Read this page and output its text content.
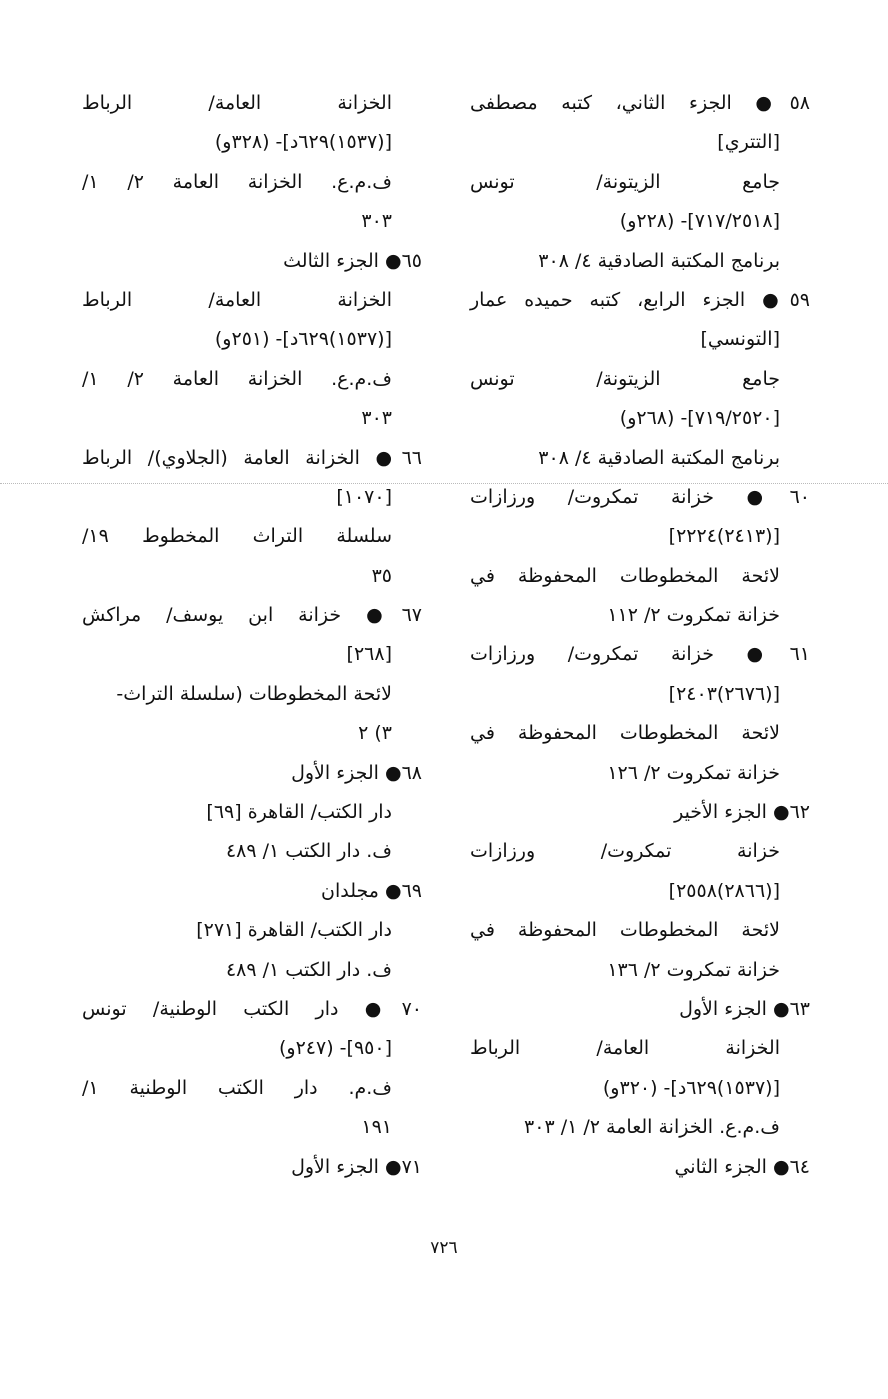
٥٨● الجزء الثاني، كتبه مصطفى
[التتري]
جامع الزيتونة/ تونس
[٧١٧/٢٥١٨]- (٢٢٨و)
برنامج المكتبة الصادقية ٤/ ٣٠٨
٥٩● الجزء الرابع، كتبه حميده عمار
[التونسي]
جامع الزيتونة/ تونس
[٧١٩/٢٥٢٠]- (٢٦٨و)
برنامج المكتبة الصادقية ٤/ ٣٠٨
٦٠● خزانة تمكروت/ ورزازات
[(٢٤١٣)٢٢٢٤]
لائحة المخطوطات المحفوظة في
خزانة تمكروت ٢/ ١١٢
٦١● خزانة تمكروت/ ورزازات
[(٢٦٧٦)٢٤٠٣]
لائحة المخطوطات المحفوظة في
خزانة تمكروت ٢/ ١٢٦
٦٢● الجزء الأخير
خزانة تمكروت/ ورزازات
[(٢٨٦٦)٢٥٥٨]
لائحة المخطوطات المحفوظة في
خزانة تمكروت ٢/ ١٣٦
٦٣● الجزء الأول
الخزانة العامة/ الرباط
[(١٥٣٧)٦٢٩د]- (٣٢٠و)
ف.م.ع. الخزانة العامة ٢/ ١/ ٣٠٣
٦٤● الجزء الثاني
الخزانة العامة/ الرباط
[(١٥٣٧)٦٢٩د]- (٣٢٨و)
ف.م.ع. الخزانة العامة ٢/ ١/
٣٠٣
٦٥● الجزء الثالث
الخزانة العامة/ الرباط
[(١٥٣٧)٦٢٩د]- (٢٥١و)
ف.م.ع. الخزانة العامة ٢/ ١/
٣٠٣
٦٦● الخزانة العامة (الجلاوي)/ الرباط
[١٠٧٠]
سلسلة التراث المخطوط ١٩/
٣٥
٦٧● خزانة ابن يوسف/ مراكش
[٢٦٨]
لائحة المخطوطات (سلسلة التراث-
٣) ٢
٦٨● الجزء الأول
دار الكتب/ القاهرة [٦٩]
ف. دار الكتب ١/ ٤٨٩
٦٩● مجلدان
دار الكتب/ القاهرة [٢٧١]
ف. دار الكتب ١/ ٤٨٩
٧٠● دار الكتب الوطنية/ تونس
[٩٥٠]- (٢٤٧و)
ف.م. دار الكتب الوطنية ١/
١٩١
٧١● الجزء الأول
٧٢٦
